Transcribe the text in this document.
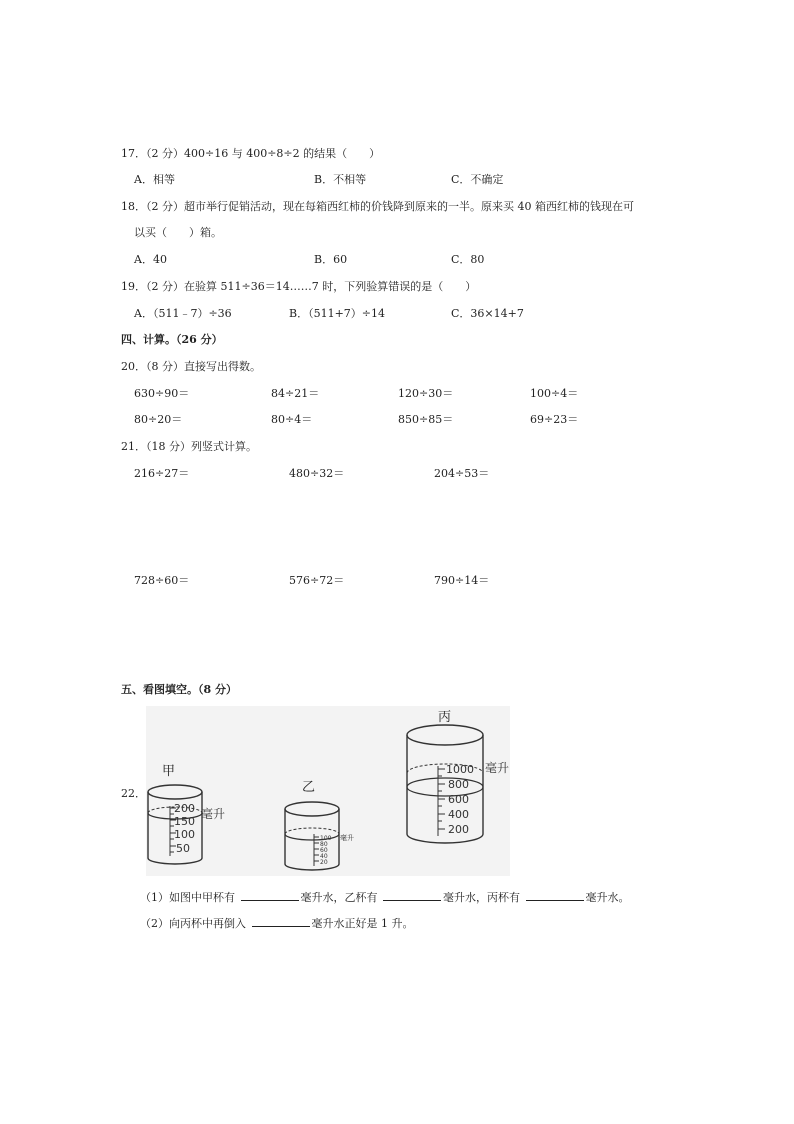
17．（2 分）400÷16 与 400÷8÷2 的结果（　　）
A．相等	B．不相等	C．不确定
18．（2 分）超市举行促销活动，现在每箱西红柿的价钱降到原来的一半。原来买 40 箱西红柿的钱现在可
以买（　　）箱。
A．40	B．60	C．80
19．（2 分）在验算 511÷36＝14……7 时，下列验算错误的是（　　）
A．（511﹣7）÷36	B．（511+7）÷14	C．36×14+7
四、计算。（26 分）
20．（8 分）直接写出得数。
630÷90＝	84÷21＝	120÷30＝	100÷4＝
80÷20＝	80÷4＝	850÷85＝	69÷23＝
21．（18 分）列竖式计算。
216÷27＝	480÷32＝	204÷53＝
728÷60＝	576÷72＝	790÷14＝
五、看图填空。（8 分）
22．
甲
乙
丙
200
150
100
50
毫升
100
80
60
40
20
毫升
1000
800
600
400
200
毫升
（1）如图中甲杯有	毫升水，乙杯有	毫升水，丙杯有	毫升水。
（2）向丙杯中再倒入	毫升水正好是 1 升。
